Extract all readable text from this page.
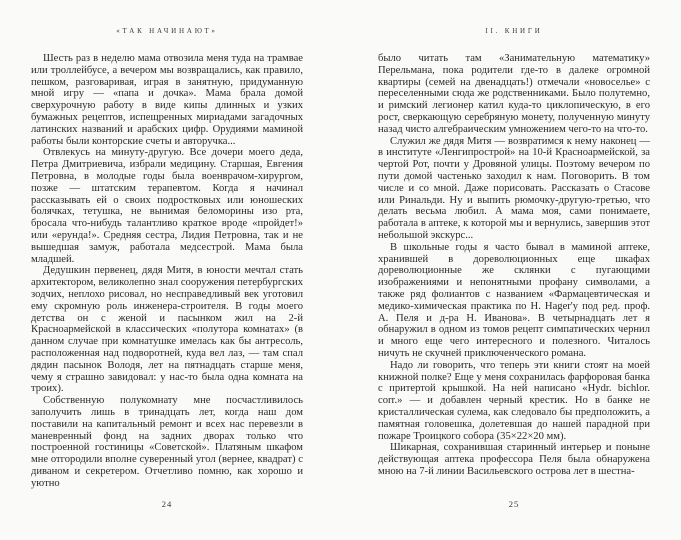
«ТАК НАЧИНАЮТ»

Шесть раз в неделю мама отвозила меня туда на трамвае или троллейбусе, а вечером мы возвращались, как правило, пешком, разговаривая, играя в занятную, придуманную мной игру — «папа и дочка». Мама брала домой сверхурочную работу в виде кипы длинных и узких бумажных рецептов, испещренных мириадами загадочных латинских названий и арабских цифр. Орудиями маминой работы были конторские счеты и авторучка...

Отвлекусь на минуту-другую. Все дочери моего деда, Петра Дмитриевича, избрали медицину. Старшая, Евгения Петровна, в молодые годы была военврачом-хирургом, позже — штатским терапевтом. Когда я начинал рассказывать ей о своих подростковых или юношеских болячках, тетушка, не вынимая беломорины изо рта, бросала что-нибудь талантливо краткое вроде «пройдет!» или «ерунда!». Средняя сестра, Лидия Петровна, так и не вышедшая замуж, работала медсестрой. Мама была младшей.

Дедушкин первенец, дядя Митя, в юности мечтал стать архитектором, великолепно знал сооружения петербургских зодчих, неплохо рисовал, но несправедливый век уготовил ему скромную роль инженера-строителя. В годы моего детства он с женой и пасынком жил на 2-й Красноармейской в классических «полутора комнатах» (в данном случае при комнатушке имелась как бы антресоль, расположенная над подворотней, куда вел лаз, — там спал дядин пасынок Володя, лет на пятнадцать старше меня, чему я страшно завидовал: у нас-то была одна комната на троих).

Собственную полукомнату мне посчастливилось заполучить лишь в тринадцать лет, когда наш дом поставили на капитальный ремонт и всех нас перевезли в маневренный фонд на задних дворах только что построенной гостиницы «Советской». Платяным шкафом мне отгородили вполне суверенный угол (вернее, квадрат) с диваном и секретером. Отчетливо помню, как хорошо и уютно

24
II. КНИГИ

было читать там «Занимательную математику» Перельмана, пока родители где-то в далеке огромной квартиры (семей на двенадцать!) отмечали «новоселье» с переселенными сюда же родственниками. Было полутемно, и римский легионер катил куда-то циклопическую, в его рост, сверкающую серебряную монету, полученную минуту назад чисто алгебраическим умножением чего-то на что-то.

Служил же дядя Митя — возвратимся к нему наконец — в институте «Ленгипрострой» на 10-й Красноармейской, за чертой Рот, почти у Дровяной улицы. Поэтому вечером по пути домой частенько заходил к нам. Поговорить. В том числе и со мной. Даже порисовать. Рассказать о Стасове или Ринальди. Ну и выпить рюмочку-другую-третью, что делать весьма любил. А мама моя, сами понимаете, работала в аптеке, к которой мы и вернулись, завершив этот небольшой экскурс...

В школьные годы я часто бывал в маминой аптеке, хранившей в дореволюционных еще шкафах дореволюционные же склянки с пугающими изображениями и непонятными профану символами, а также ряд фолиантов с названием «Фармацевтическая и медико-химическая практика по H. Hager'у под ред. проф. А. Пеля и д-ра Н. Иванова». В четырнадцать лет я обнаружил в одном из томов рецепт симпатических чернил и много еще чего интересного и полезного. Читалось ничуть не скучней приключенческого романа.

Надо ли говорить, что теперь эти книги стоят на моей книжной полке? Еще у меня сохранилась фарфоровая банка с притертой крышкой. На ней написано «Hydr. bichlor. corr.» — и добавлен черный крестик. Но в банке не кристаллическая сулема, как следовало бы предположить, а памятная головешка, долетевшая до нашей парадной при пожаре Троицкого собора (35×22×20 мм).

Шикарная, сохранившая старинный интерьер и поныне действующая аптека профессора Пеля была обнаружена мною на 7-й линии Васильевского острова лет в шестна-

25
